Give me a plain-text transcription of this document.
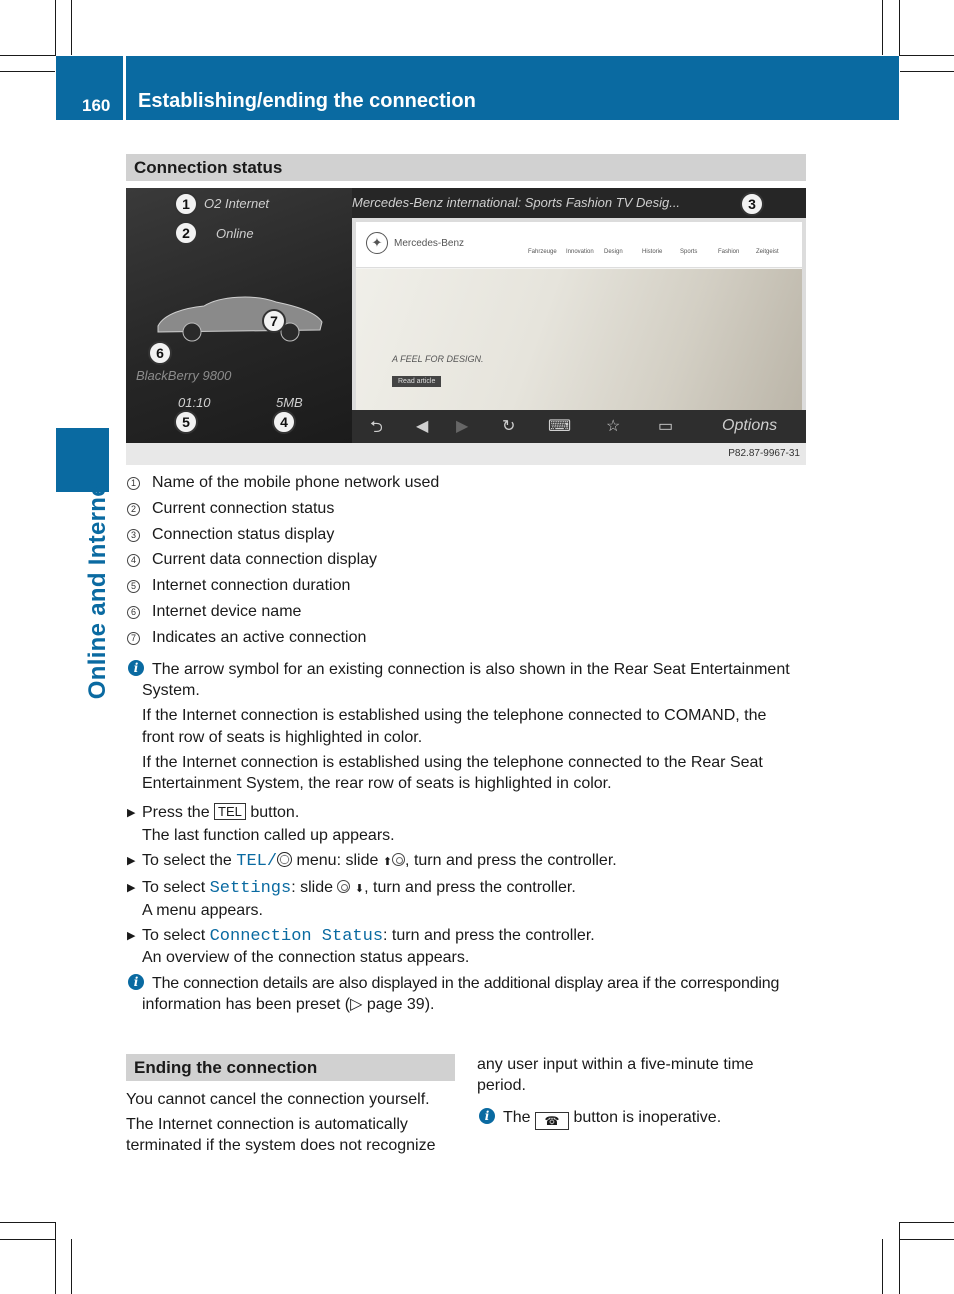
160 Establishing/ending the connection
Online and Internet
Connection status
Mercedes-Benz international: Sports Fashion TV Desig...
✦	Mercedes-Benz
Fahrzeuge Innovation Design	Historie	Sports	Fashion	Zeitgeist
A FEEL FOR DESIGN.
Read article
O2 Internet
Online
BlackBerry 9800
01:10	5MB
⮌ ◀ ▶ ↻ ⌨ ☆ ▭	Options
P82.87-9967-31
1
2
3
4
5
6
7
1 Name of the mobile phone network used
2 Current connection status
3 Connection status display
4 Current data connection display
5 Internet connection duration
6 Internet device name
7 Indicates an active connection
i The arrow symbol for an existing connection is also shown in the Rear Seat Entertainment
System.
If the Internet connection is established using the telephone connected to COMAND, the
front row of seats is highlighted in color.
If the Internet connection is established using the telephone connected to the Rear Seat
Entertainment System, the rear row of seats is highlighted in color.
▶ Press the TEL button.
The last function called up appears.
▶ To select the TEL/ menu: slide ⬆ , turn and press the controller.
▶ To select Settings: slide ⬇, turn and press the controller.
A menu appears.
▶ To select Connection Status: turn and press the controller.
An overview of the connection status appears.
i The connection details are also displayed in the additional display area if the corresponding
information has been preset (▷ page 39).
Ending the connection
You cannot cancel the connection yourself.
The Internet connection is automatically
terminated if the system does not recognize
any user input within a five-minute time
period.
i The ☎ button is inoperative.
